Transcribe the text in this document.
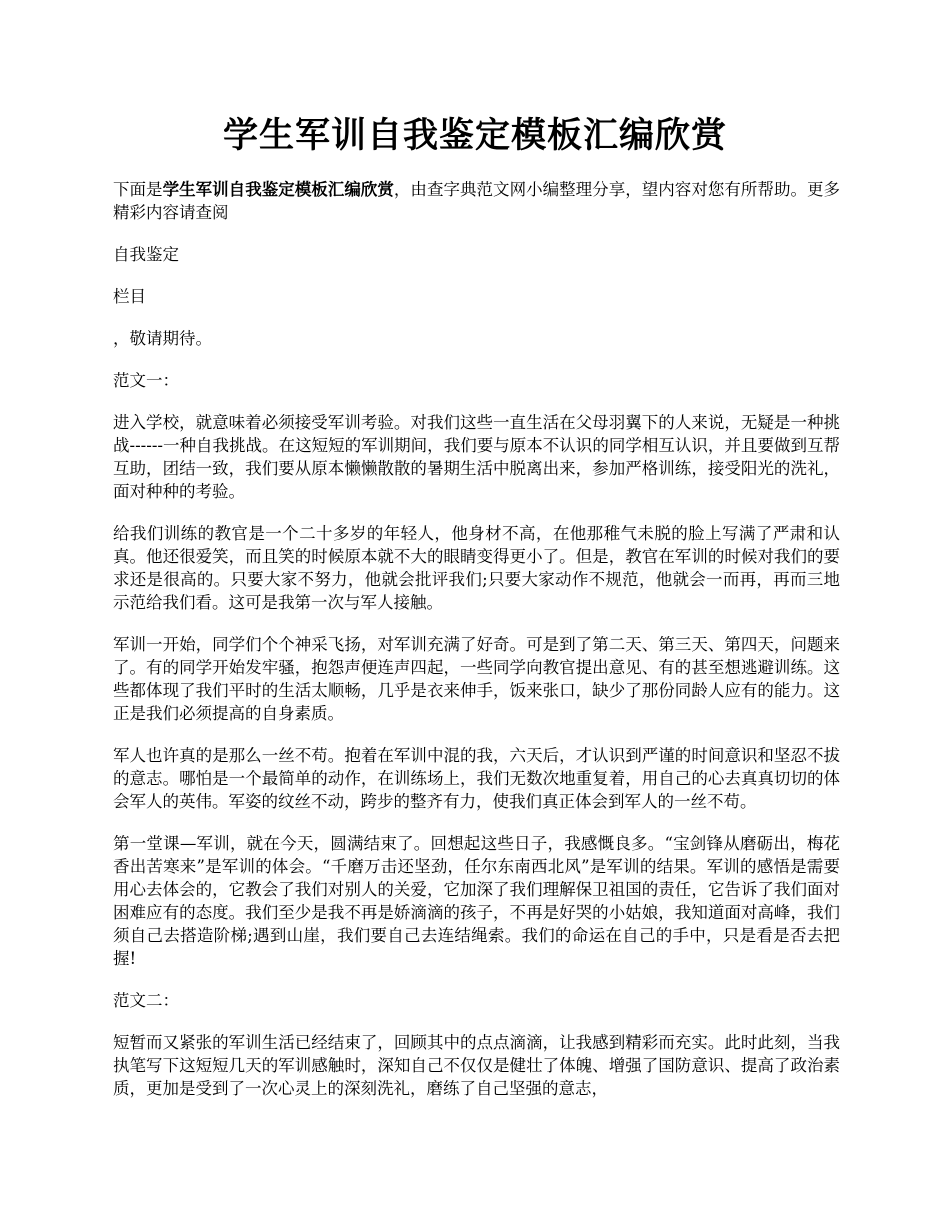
学生军训自我鉴定模板汇编欣赏

下面是学生军训自我鉴定模板汇编欣赏，由查字典范文网小编整理分享，望内容对您有所帮助。更多精彩内容请查阅

自我鉴定

栏目

，敬请期待。

范文一：

进入学校，就意味着必须接受军训考验。对我们这些一直生活在父母羽翼下的人来说，无疑是一种挑战------一种自我挑战。在这短短的军训期间，我们要与原本不认识的同学相互认识，并且要做到互帮互助，团结一致，我们要从原本懒懒散散的暑期生活中脱离出来，参加严格训练，接受阳光的洗礼，面对种种的考验。

给我们训练的教官是一个二十多岁的年轻人，他身材不高，在他那稚气未脱的脸上写满了严肃和认真。他还很爱笑，而且笑的时候原本就不大的眼睛变得更小了。但是，教官在军训的时候对我们的要求还是很高的。只要大家不努力，他就会批评我们;只要大家动作不规范，他就会一而再，再而三地示范给我们看。这可是我第一次与军人接触。

军训一开始，同学们个个神采飞扬，对军训充满了好奇。可是到了第二天、第三天、第四天，问题来了。有的同学开始发牢骚，抱怨声便连声四起，一些同学向教官提出意见、有的甚至想逃避训练。这些都体现了我们平时的生活太顺畅，几乎是衣来伸手，饭来张口，缺少了那份同龄人应有的能力。这正是我们必须提高的自身素质。

军人也许真的是那么一丝不苟。抱着在军训中混的我，六天后，才认识到严谨的时间意识和坚忍不拔的意志。哪怕是一个最简单的动作，在训练场上，我们无数次地重复着，用自己的心去真真切切的体会军人的英伟。军姿的纹丝不动，跨步的整齐有力，使我们真正体会到军人的一丝不苟。

第一堂课—军训，就在今天，圆满结束了。回想起这些日子，我感慨良多。“宝剑锋从磨砺出，梅花香出苦寒来”是军训的体会。“千磨万击还坚劲，任尔东南西北风”是军训的结果。军训的感悟是需要用心去体会的，它教会了我们对别人的关爱，它加深了我们理解保卫祖国的责任，它告诉了我们面对困难应有的态度。我们至少是我不再是娇滴滴的孩子，不再是好哭的小姑娘，我知道面对高峰，我们须自己去搭造阶梯;遇到山崖，我们要自己去连结绳索。我们的命运在自己的手中，只是看是否去把握!

范文二：

短暂而又紧张的军训生活已经结束了，回顾其中的点点滴滴，让我感到精彩而充实。此时此刻，当我执笔写下这短短几天的军训感触时，深知自己不仅仅是健壮了体魄、增强了国防意识、提高了政治素质，更加是受到了一次心灵上的深刻洗礼，磨练了自己坚强的意志，
